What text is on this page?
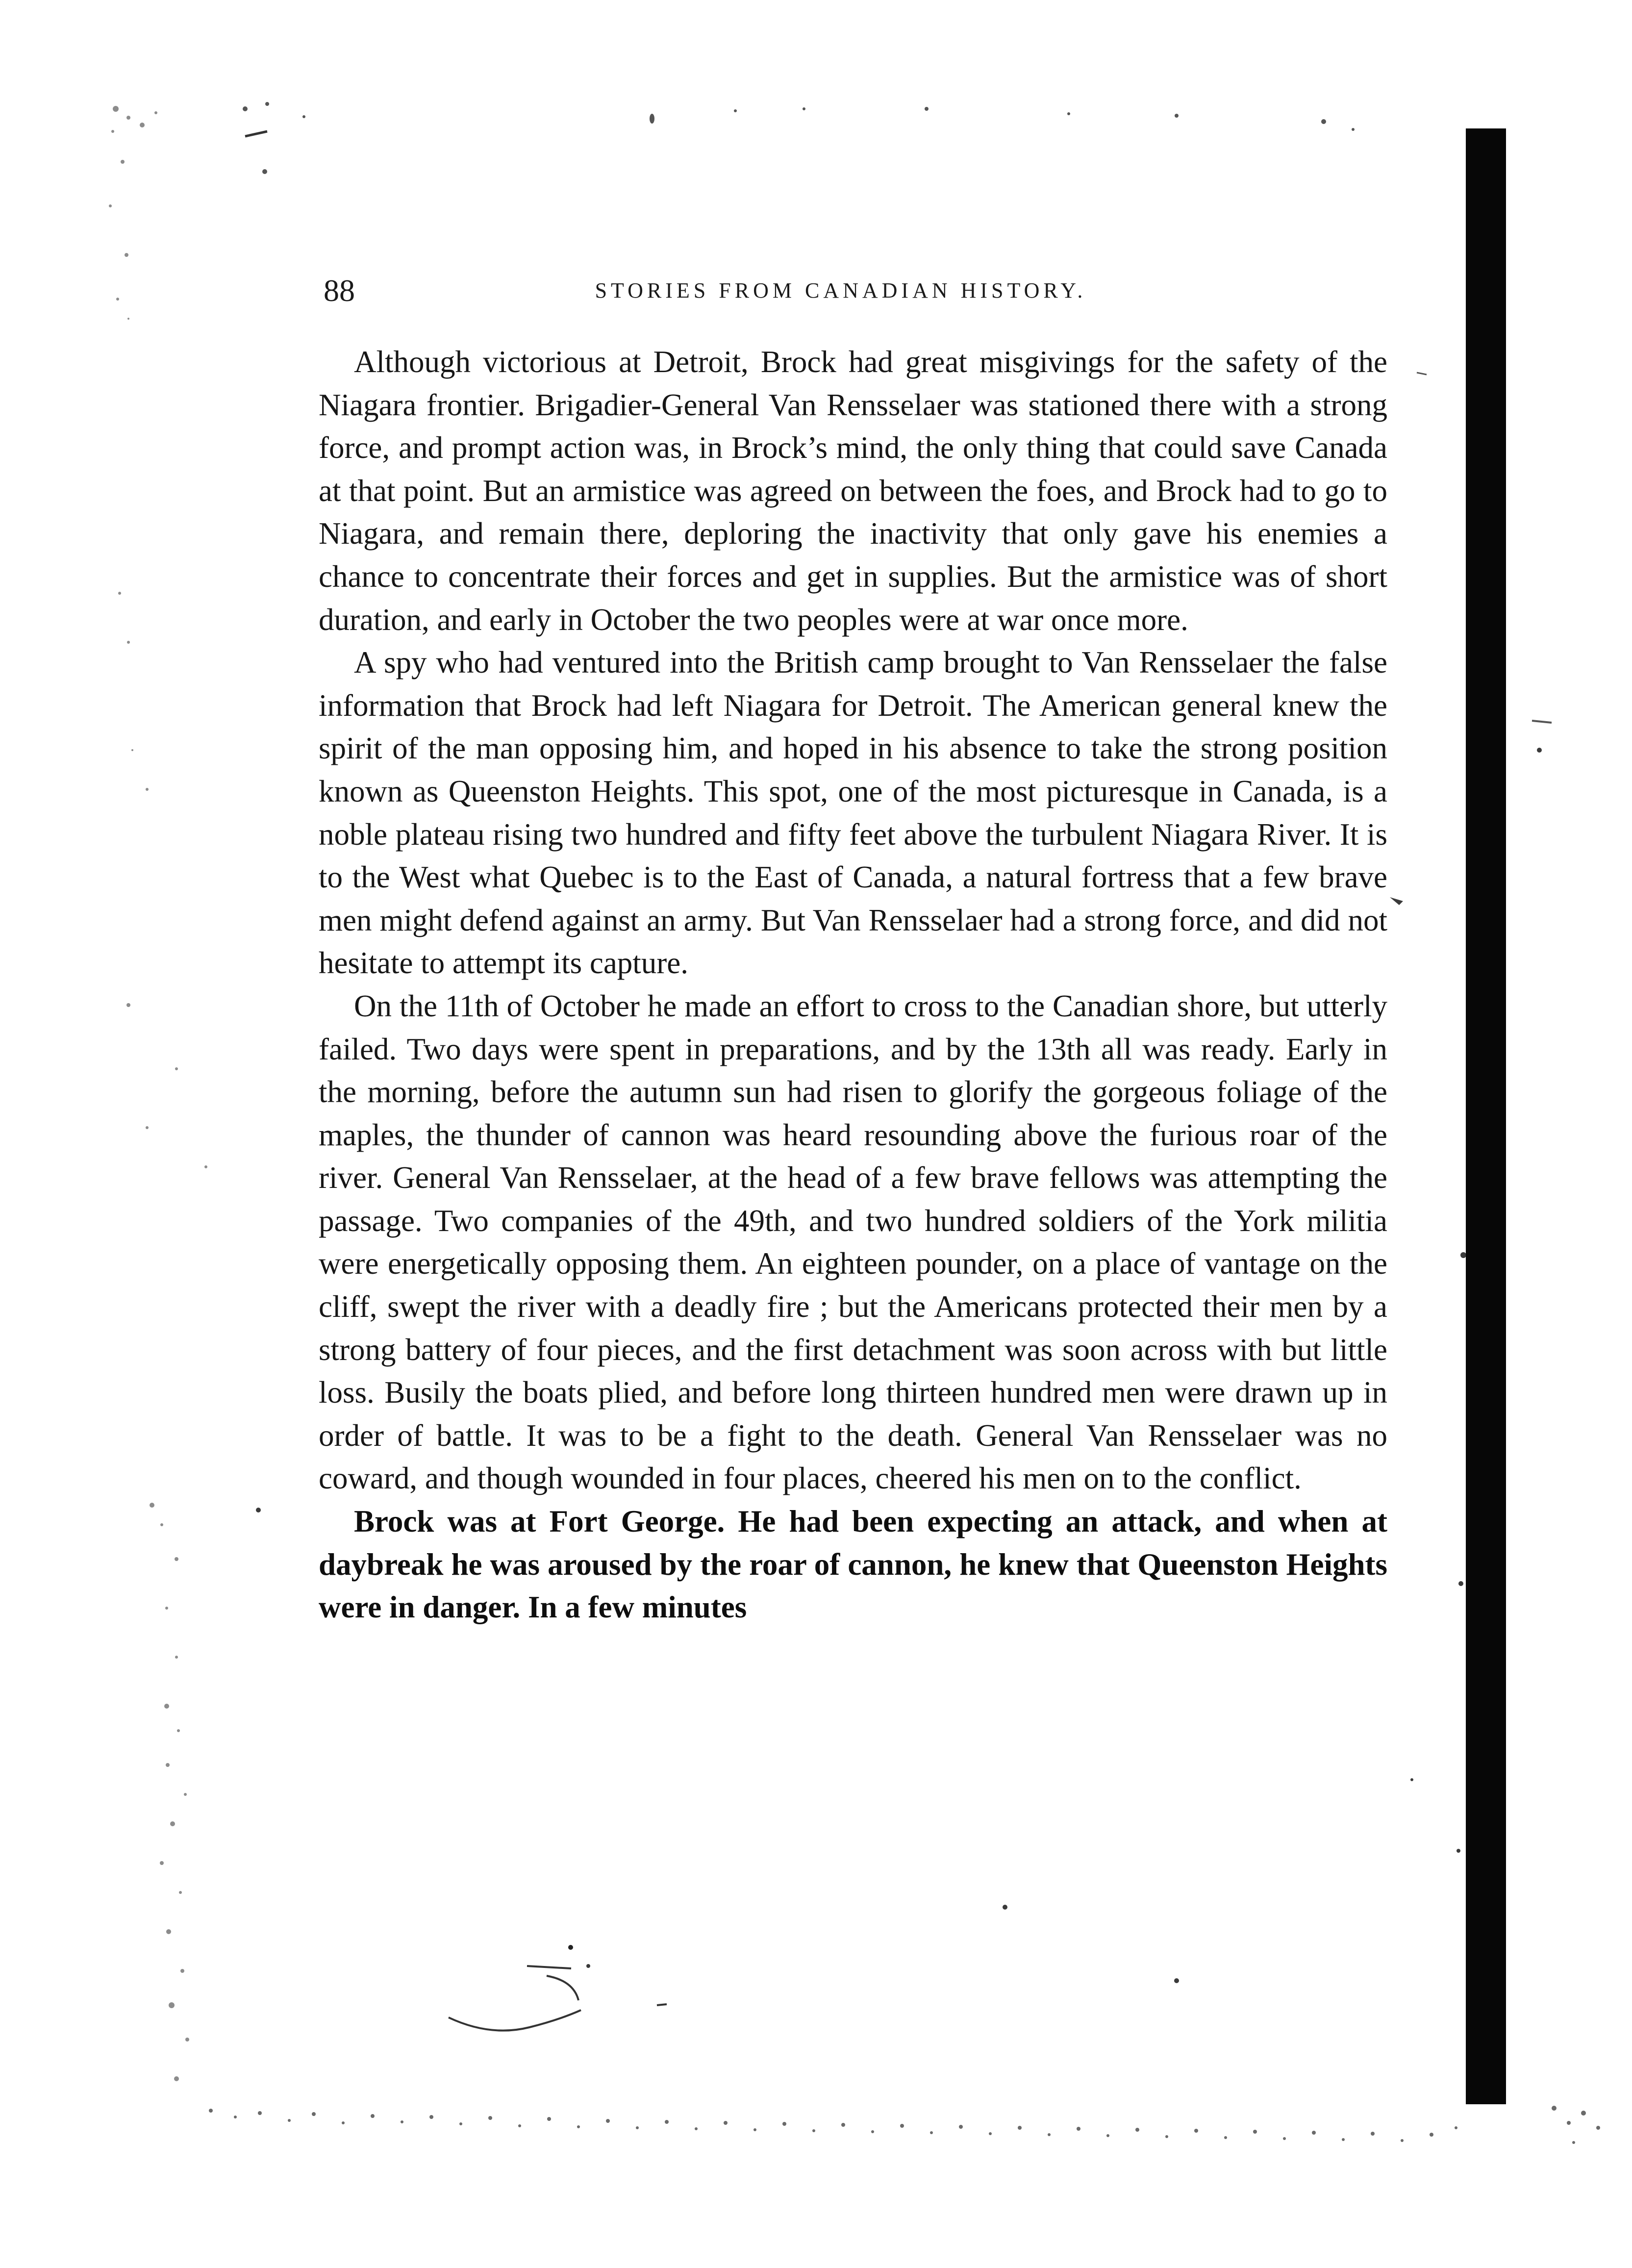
88	STORIES FROM CANADIAN HISTORY.

Although victorious at Detroit, Brock had great misgivings for the safety of the Niagara frontier. Brigadier-General Van Rensselaer was stationed there with a strong force, and prompt action was, in Brock’s mind, the only thing that could save Canada at that point. But an armistice was agreed on between the foes, and Brock had to go to Niagara, and remain there, deploring the inactivity that only gave his enemies a chance to concentrate their forces and get in supplies. But the armistice was of short duration, and early in October the two peoples were at war once more.

A spy who had ventured into the British camp brought to Van Rensselaer the false information that Brock had left Niagara for Detroit. The American general knew the spirit of the man opposing him, and hoped in his absence to take the strong position known as Queenston Heights. This spot, one of the most picturesque in Canada, is a noble plateau rising two hundred and fifty feet above the turbulent Niagara River. It is to the West what Quebec is to the East of Canada, a natural fortress that a few brave men might defend against an army. But Van Rensselaer had a strong force, and did not hesitate to attempt its capture.

On the 11th of October he made an effort to cross to the Canadian shore, but utterly failed. Two days were spent in preparations, and by the 13th all was ready. Early in the morning, before the autumn sun had risen to glorify the gorgeous foliage of the maples, the thunder of cannon was heard resounding above the furious roar of the river. General Van Rensselaer, at the head of a few brave fellows was attempting the passage. Two companies of the 49th, and two hundred soldiers of the York militia were energetically opposing them. An eighteen pounder, on a place of vantage on the cliff, swept the river with a deadly fire ; but the Americans protected their men by a strong battery of four pieces, and the first detachment was soon across with but little loss. Busily the boats plied, and before long thirteen hundred men were drawn up in order of battle. It was to be a fight to the death. General Van Rensselaer was no coward, and though wounded in four places, cheered his men on to the conflict.

Brock was at Fort George. He had been expecting an attack, and when at daybreak he was aroused by the roar of cannon, he knew that Queenston Heights were in danger. In a few minutes
